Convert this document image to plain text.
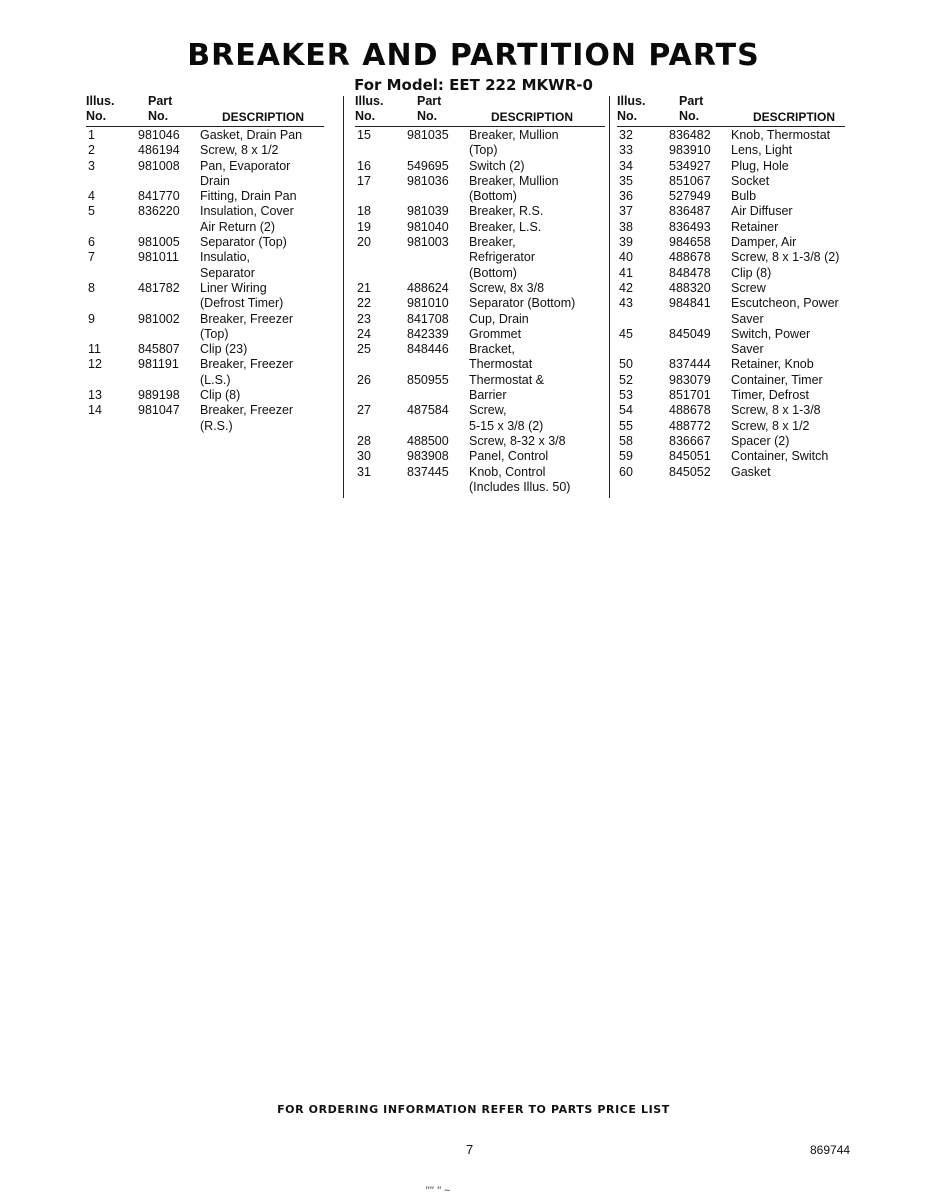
BREAKER AND PARTITION PARTS
For Model: EET 222 MKWR-0
Illus.
No.
Part
No.	DESCRIPTION
1	981046	Gasket, Drain Pan
2	486194	Screw, 8 x 1/2
3	981008	Pan, Evaporator
Drain
4	841770	Fitting, Drain Pan
5	836220	Insulation, Cover
Air Return (2)
6	981005	Separator (Top)
7	981011	Insulatio,
Separator
8	481782	Liner Wiring
(Defrost Timer)
9	981002	Breaker, Freezer
(Top)
11	845807	Clip (23)
12	981191	Breaker, Freezer
(L.S.)
13	989198	Clip (8)
14	981047	Breaker, Freezer
(R.S.)
Illus.
No.
Part
No.	DESCRIPTION
15	981035	Breaker, Mullion
(Top)
16	549695	Switch (2)
17	981036	Breaker, Mullion
(Bottom)
18	981039	Breaker, R.S.
19	981040	Breaker, L.S.
20	981003	Breaker,
Refrigerator
(Bottom)
21	488624	Screw, 8x 3/8
22	981010	Separator (Bottom)
23	841708	Cup, Drain
24	842339	Grommet
25	848446	Bracket,
Thermostat
26	850955	Thermostat &
Barrier
27	487584	Screw,
5-15 x 3/8 (2)
28	488500	Screw, 8-32 x 3/8
30	983908	Panel, Control
31	837445	Knob, Control
(Includes Illus. 50)
Illus.
No.
Part
No.	DESCRIPTION
32	836482	Knob, Thermostat
33	983910	Lens, Light
34	534927	Plug, Hole
35	851067	Socket
36	527949	Bulb
37	836487	Air Diffuser
38	836493	Retainer
39	984658	Damper, Air
40	488678	Screw, 8 x 1-3/8 (2)
41	848478	Clip (8)
42	488320	Screw
43	984841	Escutcheon, Power
Saver
45	845049	Switch, Power
Saver
50	837444	Retainer, Knob
52	983079	Container, Timer
53	851701	Timer, Defrost
54	488678	Screw, 8 x 1-3/8
55	488772	Screw, 8 x 1/2
58	836667	Spacer (2)
59	845051	Container, Switch
60	845052	Gasket
FOR ORDERING INFORMATION REFER TO PARTS PRICE LIST
7	869744
'''' '' ~
